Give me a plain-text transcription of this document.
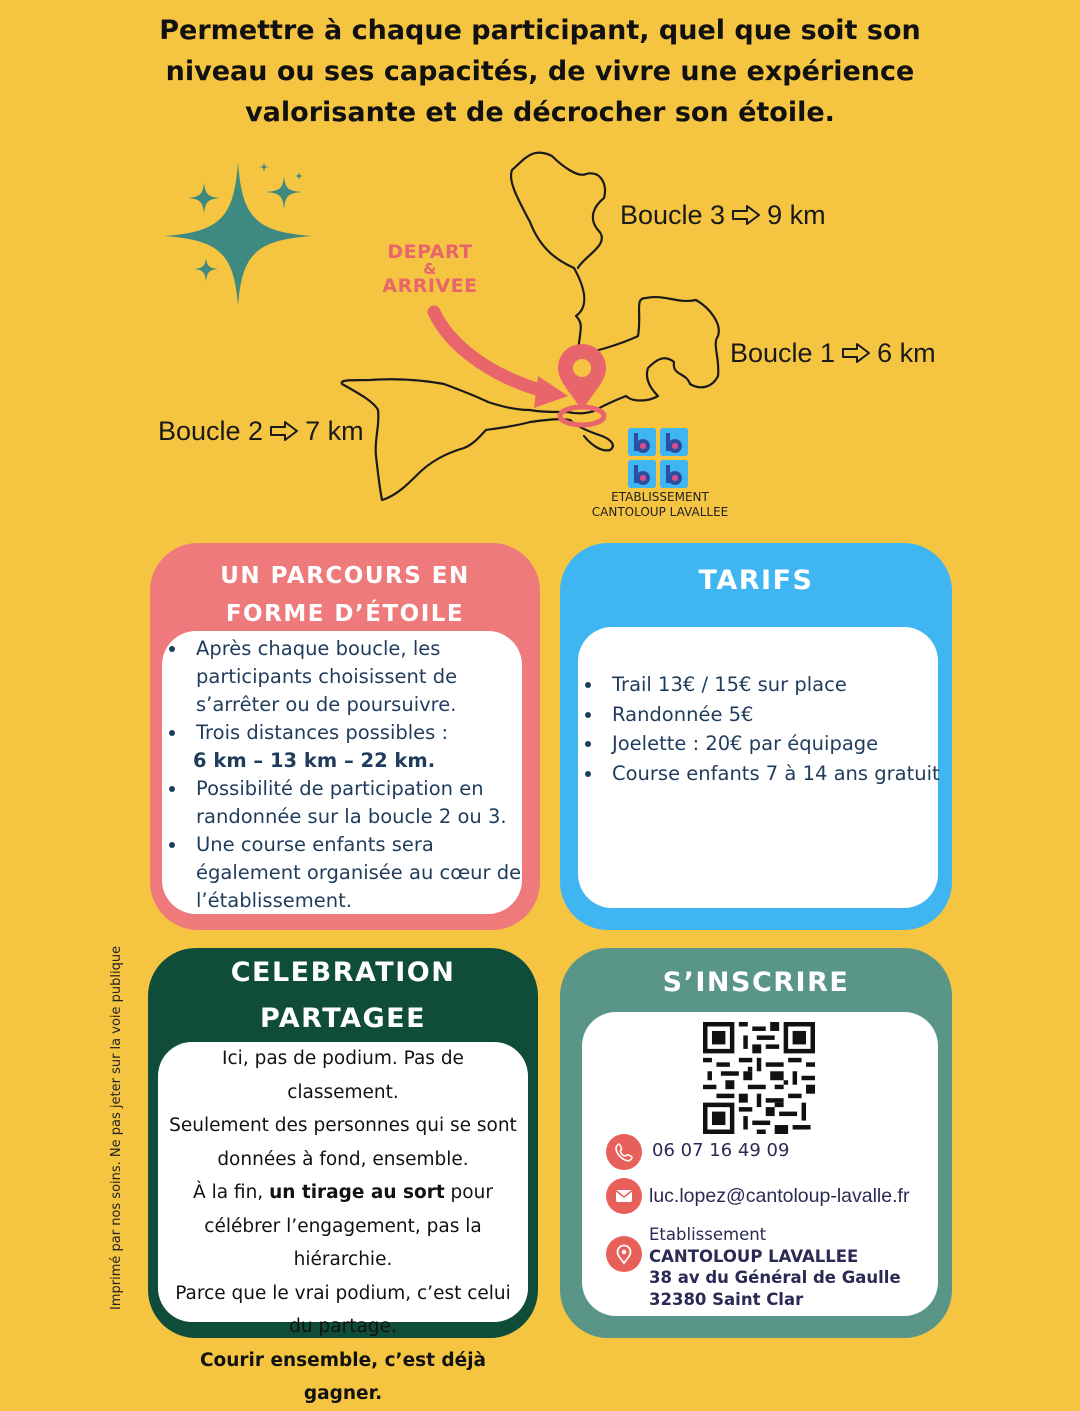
Permettre à chaque participant, quel que soit son
niveau ou ses capacités, de vivre une expérience
valorisante et de décrocher son étoile.
Boucle 3 9 km
Boucle 1 6 km
Boucle 2 7 km
DEPART
&
ARRIVEE
ETABLISSEMENT
CANTOLOUP LAVALLEE
UN PARCOURS EN
FORME D’ÉTOILE
• Après chaque boucle, les participants choisissent de s’arrêter ou de poursuivre.
• Trois distances possibles :
6 km – 13 km – 22 km.
• Possibilité de participation en randonnée sur la boucle 2 ou 3.
• Une course enfants sera également organisée au cœur de l’établissement.
TARIFS
• Trail 13€ / 15€ sur place
• Randonnée 5€
• Joelette : 20€ par équipage
• Course enfants 7 à 14 ans gratuit
CELEBRATION
PARTAGEE
Ici, pas de podium. Pas de classement.
Seulement des personnes qui se sont données à fond, ensemble.
À la fin, un tirage au sort pour célébrer l’engagement, pas la hiérarchie.
Parce que le vrai podium, c’est celui du partage.
Courir ensemble, c’est déjà gagner.
S’INSCRIRE
06 07 16 49 09
luc.lopez@cantoloup-lavalle.fr
Etablissement
CANTOLOUP LAVALLEE
38 av du Général de Gaulle
32380 Saint Clar
Imprimé par nos soins. Ne pas jeter sur la voie publique
